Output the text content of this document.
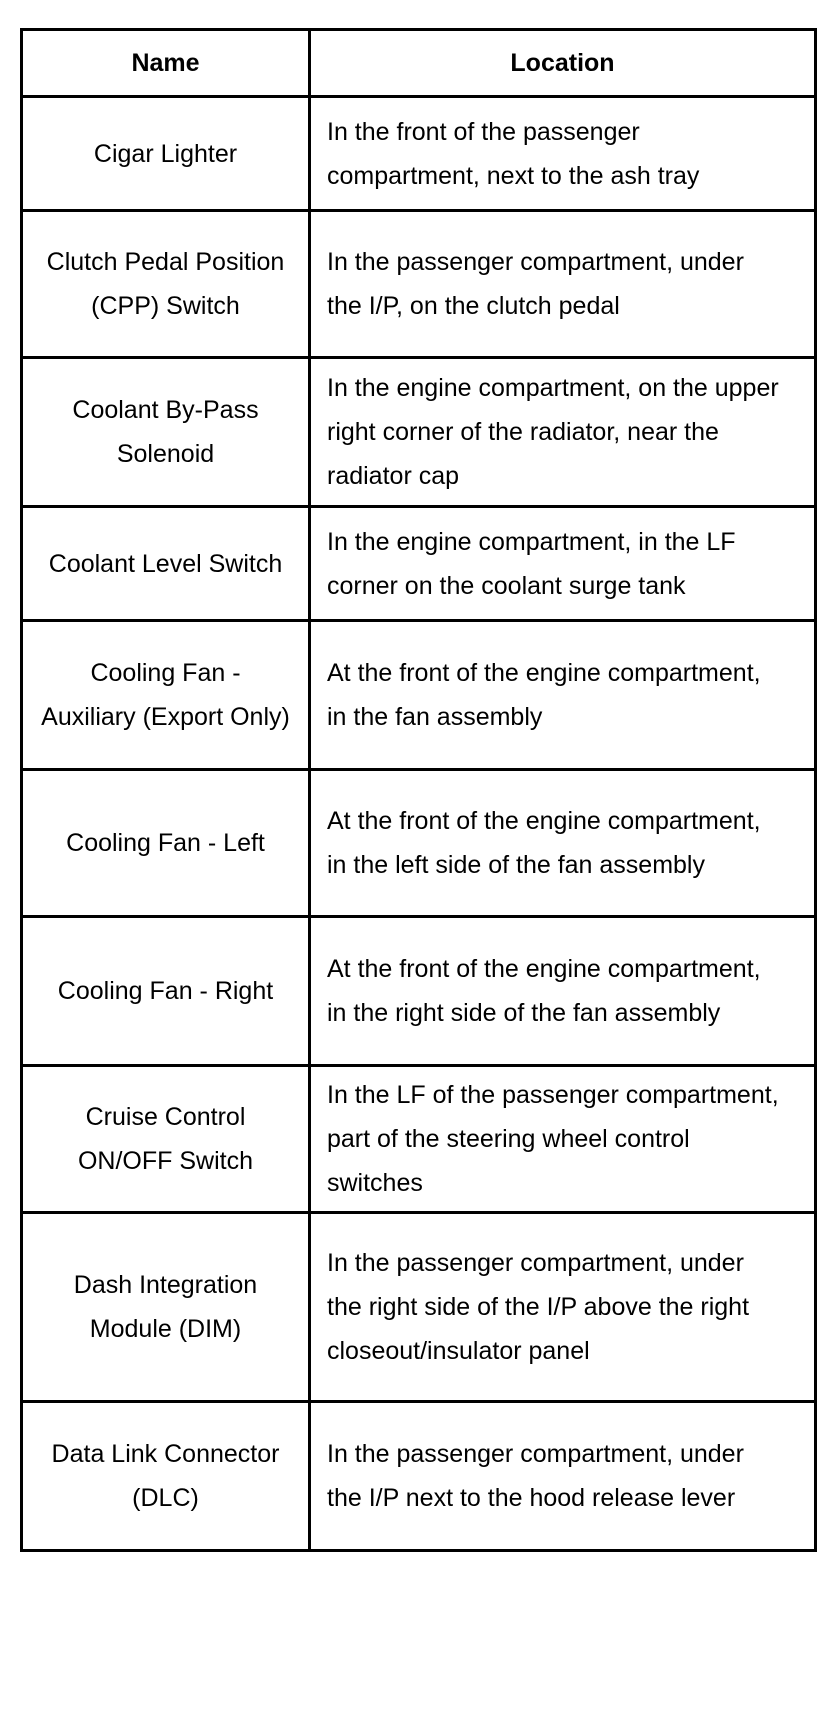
Name	Location
Cigar Lighter	In the front of the passenger compartment, next to the ash tray
Clutch Pedal Position (CPP) Switch	In the passenger compartment, under the I/P, on the clutch pedal
Coolant By-Pass Solenoid	In the engine compartment, on the upper right corner of the radiator, near the radiator cap
Coolant Level Switch	In the engine compartment, in the LF corner on the coolant surge tank
Cooling Fan - Auxiliary (Export Only)	At the front of the engine compartment, in the fan assembly
Cooling Fan - Left	At the front of the engine compartment, in the left side of the fan assembly
Cooling Fan - Right	At the front of the engine compartment, in the right side of the fan assembly
Cruise Control ON/OFF Switch	In the LF of the passenger compartment, part of the steering wheel control switches
Dash Integration Module (DIM)	In the passenger compartment, under the right side of the I/P above the right closeout/insulator panel
Data Link Connector (DLC)	In the passenger compartment, under the I/P next to the hood release lever
